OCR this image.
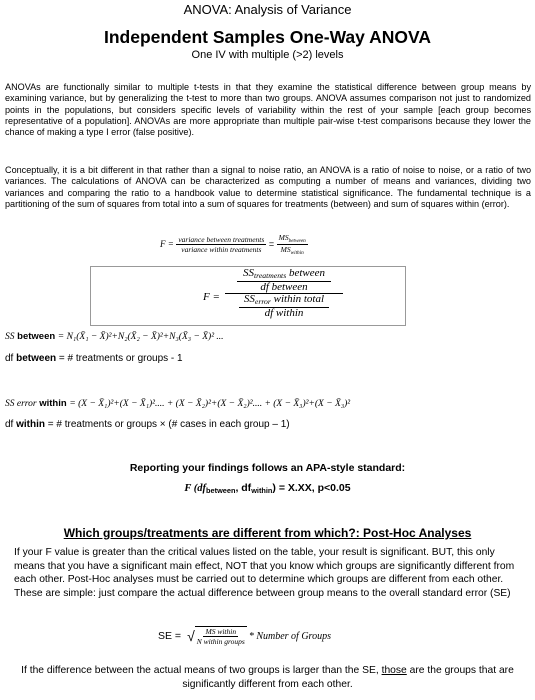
ANOVA: Analysis of Variance
Independent Samples One-Way ANOVA
One IV with multiple (>2) levels
ANOVAs are functionally similar to multiple t-tests in that they examine the statistical difference between group means by examining variance, but by generalizing the t-test to more than two groups. ANOVA assumes comparison not just to randomized points in the populations, but considers specific levels of variability within the rest of your sample [each group becomes representative of a population]. ANOVAs are more appropriate than multiple pair-wise t-test comparisons because they lower the chance of making a type I error (false positive).
Conceptually, it is a bit different in that rather than a signal to noise ratio, an ANOVA is a ratio of noise to noise, or a ratio of two variances. The calculations of ANOVA can be characterized as computing a number of means and variances, dividing two variances and comparing the ratio to a handbook value to determine statistical significance. The fundamental technique is a partitioning of the sum of squares from total into a sum of squares for treatments (between) and sum of squares within (error).
$F = \frac{\text{variance between treatments}}{\text{variance within treatments}} = \frac{MS_{between}}{MS_{within}}$
F =
$SS_{treatments}$ between
df between
$SS_{error}$ within total
df within
SS between = N₁(X̄₁ − X̄)²+N₂(X̄₂ − X̄)²+N₃(X̄₃ − X̄)² ...
df between = # treatments or groups - 1
SS error within = (X − X̄₁)²+(X − X̄₁)².... + (X − X̄₂)²+(X − X̄₂)².... + (X − X̄₃)²+(X − X̄₃)²
df within = # treatments or groups × (# cases in each group – 1)
Reporting your findings follows an APA-style standard:
F ($df_{between}$, $df_{within}) = X.XX$, p<0.05
Which groups/treatments are different from which?: Post-Hoc Analyses
If your F value is greater than the critical values listed on the table, your result is significant. BUT, this only means that you have a significant main effect, NOT that you know which groups are significantly different from each other. Post-Hoc analyses must be carried out to determine which groups are different from each other. These are simple: just compare the actual difference between group means to the overall standard error (SE)
SE = √ $\frac{\text{MS within}}{\text{N within groups}}$ * Number of Groups
If the difference between the actual means of two groups is larger than the SE, those are the groups that are significantly different from each other.
